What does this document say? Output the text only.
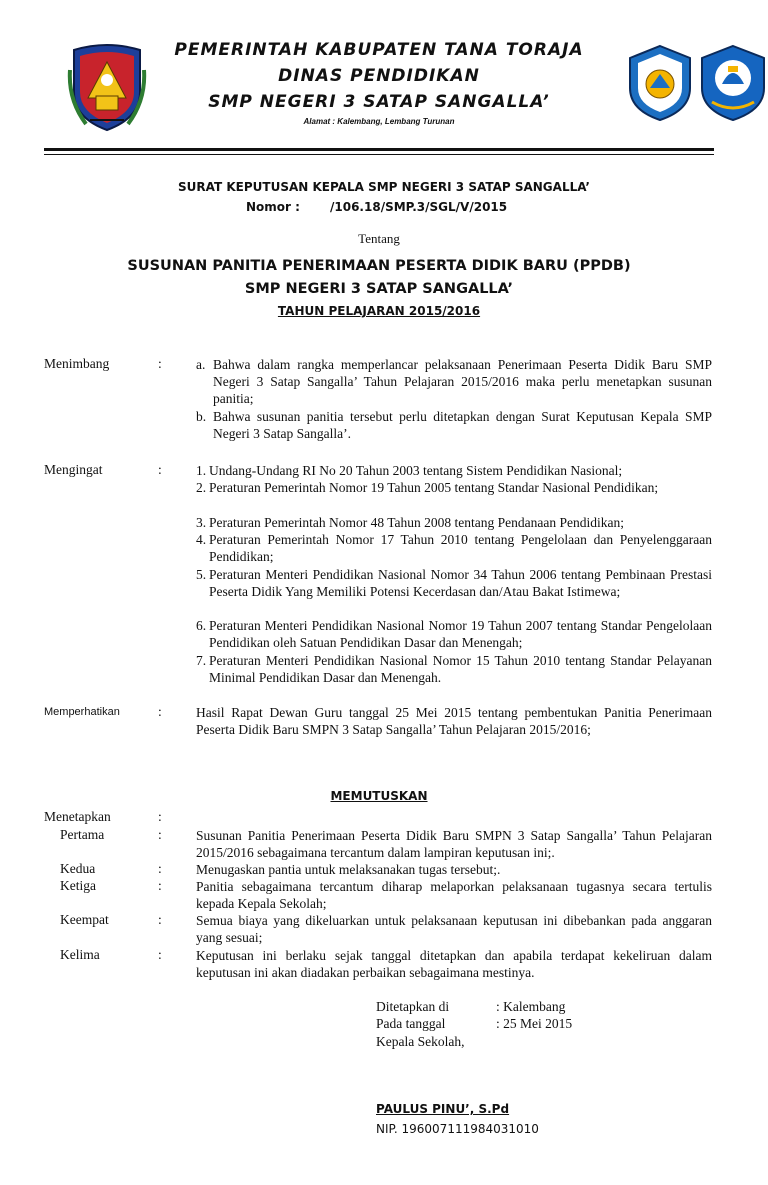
PEMERINTAH KABUPATEN TANA TORAJA
DINAS PENDIDIKAN
SMP NEGERI 3 SATAP SANGALLA’
Alamat : Kalembang, Lembang Turunan
SURAT KEPUTUSAN KEPALA SMP NEGERI 3 SATAP SANGALLA’
Nomor :	/106.18/SMP.3/SGL/V/2015
Tentang
SUSUNAN PANITIA PENERIMAAN PESERTA DIDIK BARU (PPDB)
SMP NEGERI 3 SATAP SANGALLA’
TAHUN PELAJARAN 2015/2016
Menimbang	:	a. Bahwa dalam rangka memperlancar pelaksanaan Penerimaan Peserta Didik Baru SMP Negeri 3 Satap Sangalla’ Tahun Pelajaran 2015/2016 maka perlu menetapkan susunan panitia;
b. Bahwa susunan panitia tersebut perlu ditetapkan dengan Surat Keputusan Kepala SMP Negeri 3 Satap Sangalla’.
Mengingat	:	1. Undang-Undang RI No 20 Tahun 2003 tentang Sistem Pendidikan Nasional;
2. Peraturan Pemerintah Nomor 19 Tahun 2005 tentang Standar Nasional Pendidikan;
3. Peraturan Pemerintah Nomor 48 Tahun 2008 tentang Pendanaan Pendidikan;
4. Peraturan Pemerintah Nomor 17 Tahun 2010 tentang Pengelolaan dan Penyelenggaraan Pendidikan;
5. Peraturan Menteri Pendidikan Nasional Nomor 34 Tahun 2006 tentang Pembinaan Prestasi Peserta Didik Yang Memiliki Potensi Kecerdasan dan/Atau Bakat Istimewa;
6. Peraturan Menteri Pendidikan Nasional Nomor 19 Tahun 2007 tentang Standar Pengelolaan Pendidikan oleh Satuan Pendidikan Dasar dan Menengah;
7. Peraturan Menteri Pendidikan Nasional Nomor 15 Tahun 2010 tentang Standar Pelayanan Minimal Pendidikan Dasar dan Menengah.
Memperhatikan	:	Hasil Rapat Dewan Guru tanggal 25 Mei 2015 tentang pembentukan Panitia Penerimaan Peserta Didik Baru SMPN 3 Satap Sangalla’ Tahun Pelajaran 2015/2016;
MEMUTUSKAN
Menetapkan	:
Pertama	:	Susunan Panitia Penerimaan Peserta Didik Baru SMPN 3 Satap Sangalla’ Tahun Pelajaran 2015/2016 sebagaimana tercantum dalam lampiran keputusan ini;.
Kedua	:	Menugaskan pantia untuk melaksanakan tugas tersebut;.
Ketiga	:	Panitia sebagaimana tercantum diharap melaporkan pelaksanaan tugasnya secara tertulis kepada Kepala Sekolah;
Keempat	:	Semua biaya yang dikeluarkan untuk pelaksanaan keputusan ini dibebankan pada anggaran yang sesuai;
Kelima	:	Keputusan ini berlaku sejak tanggal ditetapkan dan apabila terdapat kekeliruan dalam keputusan ini akan diadakan perbaikan sebagaimana mestinya.
Ditetapkan di	: Kalembang
Pada tanggal	: 25 Mei 2015
Kepala Sekolah,
PAULUS PINU’, S.Pd
NIP. 196007111984031010
